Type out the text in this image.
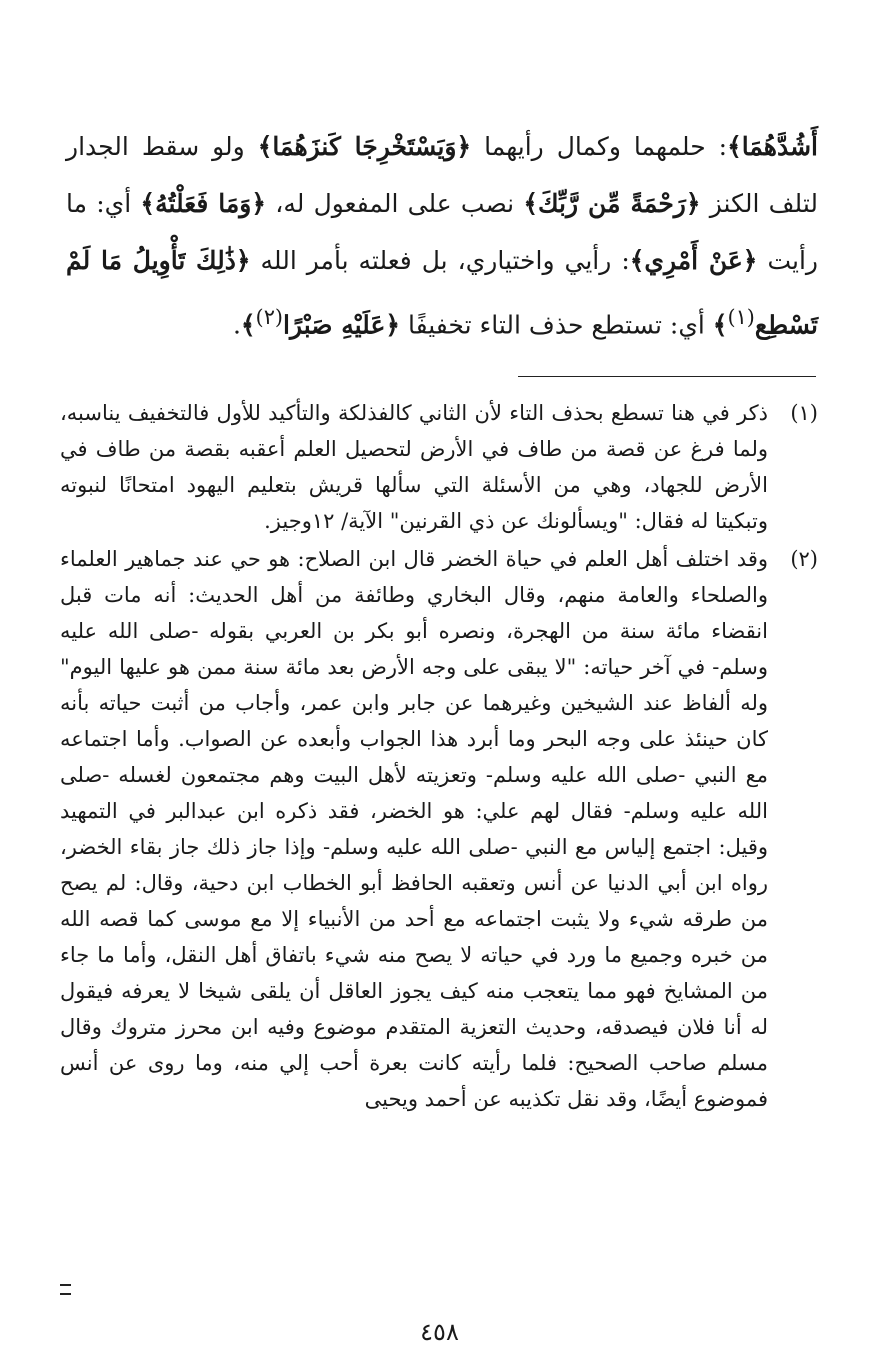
أَشُدَّهُمَا﴾: حلمهما وكمال رأيهما ﴿وَيَسْتَخْرِجَا كَنزَهُمَا﴾ ولو سقط الجدار لتلف الكنز ﴿رَحْمَةً مِّن رَّبِّكَ﴾ نصب على المفعول له، ﴿وَمَا فَعَلْتُهُ﴾ أي: ما رأيت ﴿عَنْ أَمْرِي﴾: رأيي واختياري، بل فعلته بأمر الله ﴿ذَٰلِكَ تَأْوِيلُ مَا لَمْ تَسْطِع$^{(١)}$﴾ أي: تستطع حذف التاء تخفيفًا ﴿عَلَيْهِ صَبْرًا$^{(٢)}$﴾.

(١)
ذكر في هنا تسطع بحذف التاء لأن الثاني كالفذلكة والتأكيد للأول فالتخفيف يناسبه، ولما فرغ عن قصة من طاف في الأرض لتحصيل العلم أعقبه بقصة من طاف في الأرض للجهاد، وهي من الأسئلة التي سألها قريش بتعليم اليهود امتحانًا لنبوته وتبكيتا له فقال: "ويسألونك عن ذي القرنين" الآية/ ١٢وجيز.

(٢)
وقد اختلف أهل العلم في حياة الخضر قال ابن الصلاح: هو حي عند جماهير العلماء والصلحاء والعامة منهم، وقال البخاري وطائفة من أهل الحديث: أنه مات قبل انقضاء مائة سنة من الهجرة، ونصره أبو بكر بن العربي بقوله -صلى الله عليه وسلم- في آخر حياته: "لا يبقى على وجه الأرض بعد مائة سنة ممن هو عليها اليوم" وله ألفاظ عند الشيخين وغيرهما عن جابر وابن عمر، وأجاب من أثبت حياته بأنه كان حينئذ على وجه البحر وما أبرد هذا الجواب وأبعده عن الصواب. وأما اجتماعه مع النبي -صلى الله عليه وسلم- وتعزيته لأهل البيت وهم مجتمعون لغسله -صلى الله عليه وسلم- فقال لهم علي: هو الخضر، فقد ذكره ابن عبدالبر في التمهيد وقيل: اجتمع إلياس مع النبي -صلى الله عليه وسلم- وإذا جاز ذلك جاز بقاء الخضر، رواه ابن أبي الدنيا عن أنس وتعقبه الحافظ أبو الخطاب ابن دحية، وقال: لم يصح من طرقه شيء ولا يثبت اجتماعه مع أحد من الأنبياء إلا مع موسى كما قصه الله من خبره وجميع ما ورد في حياته لا يصح منه شيء باتفاق أهل النقل، وأما ما جاء من المشايخ فهو مما يتعجب منه كيف يجوز العاقل أن يلقى شيخا لا يعرفه فيقول له أنا فلان فيصدقه، وحديث التعزية المتقدم موضوع وفيه ابن محرز متروك وقال مسلم صاحب الصحيح: فلما رأيته كانت بعرة أحب إلي منه، وما روى عن أنس فموضوع أيضًا، وقد نقل تكذيبه عن أحمد ويحيى

٤٥٨
